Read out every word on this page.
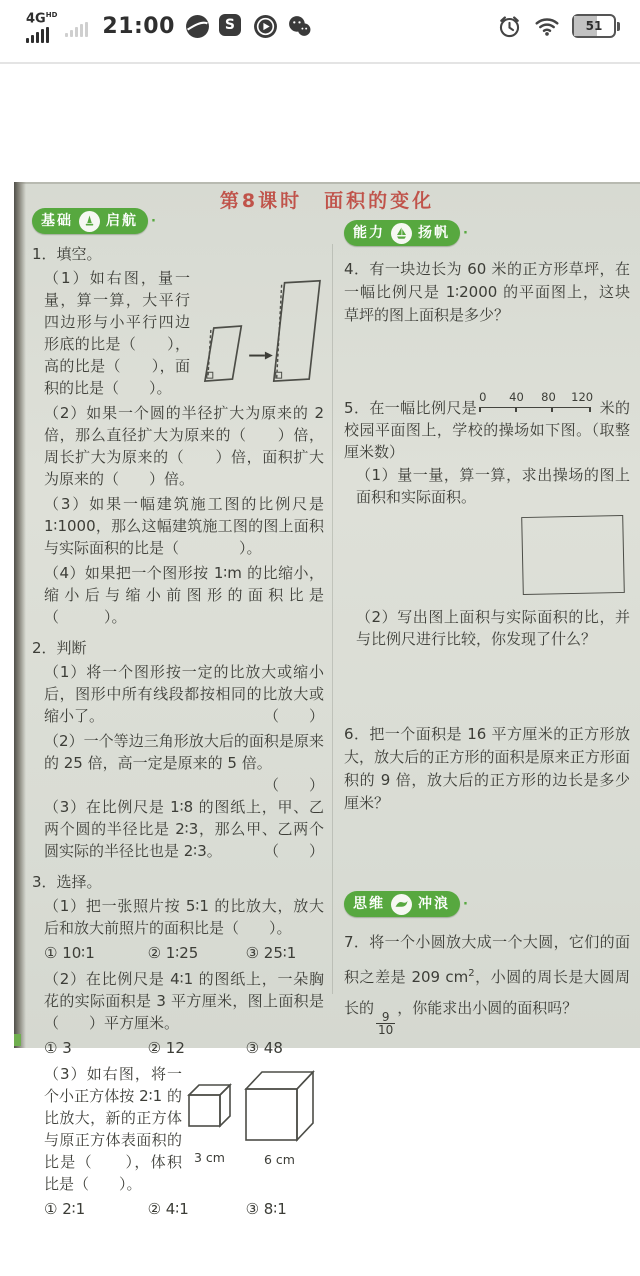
$4G^{HD}$ 21:00 S	51
第8课时　面积的变化
基础 启航 ·

1．填空。

（1）如右图，量一量，算一算，大平行四边形与小平行四边形底的比是（　　），高的比是（　　），面积的比是（　　）。

（2）如果一个圆的半径扩大为原来的 2 倍，那么直径扩大为原来的（　　）倍，周长扩大为原来的（　　）倍，面积扩大为原来的（　　）倍。

（3）如果一幅建筑施工图的比例尺是 1∶1000，那么这幅建筑施工图的图上面积与实际面积的比是（　　　　）。

（4）如果把一个图形按 1∶m 的比缩小，缩小后与缩小前图形的面积比是（　　　）。

2．判断

（1）将一个图形按一定的比放大或缩小后，图形中所有线段都按相同的比放大或缩小了。	（　　）

（2）一个等边三角形放大后的面积是原来的 25 倍，高一定是原来的 5 倍。
（　　）

（3）在比例尺是 1∶8 的图纸上，甲、乙两个圆的半径比是 2∶3，那么甲、乙两个圆实际的半径比也是 2∶3。	（　　）

3．选择。

（1）把一张照片按 5∶1 的比放大，放大后和放大前照片的面积比是（　　）。

① 10∶1	② 1∶25	③ 25∶1

（2）在比例尺是 4∶1 的图纸上，一朵胸花的实际面积是 3 平方厘米，图上面积是（　　）平方厘米。

① 3	② 12	③ 48
3 cm	6 cm
（3）如右图，将一个小正方体按 2∶1 的比放大，新的正方体与原正方体表面积的比是（　　），体积比是（　　）。
① 2∶1	② 4∶1	③ 8∶1
能力 扬帆 ·

4．有一块边长为 60 米的正方形草坪，在一幅比例尺是 1∶2000 的平面图上，这块草坪的图上面积是多少？

5．在一幅比例尺是
0 40 80 120
米的校园平面图上，学校的操场如下图。（取整厘米数）

（1）量一量，算一算，求出操场的图上面积和实际面积。

（2）写出图上面积与实际面积的比，并与比例尺进行比较，你发现了什么？

6．把一个面积是 16 平方厘米的正方形放大，放大后的正方形的面积是原来正方形面积的 9 倍，放大后的正方形的边长是多少厘米？

思维 冲浪 ·

7．将一个小圆放大成一个大圆，它们的面积之差是 209 $cm^2$，小圆的周长是大圆周长的
$\frac{9}{10}$
，你能求出小圆的面积吗？
